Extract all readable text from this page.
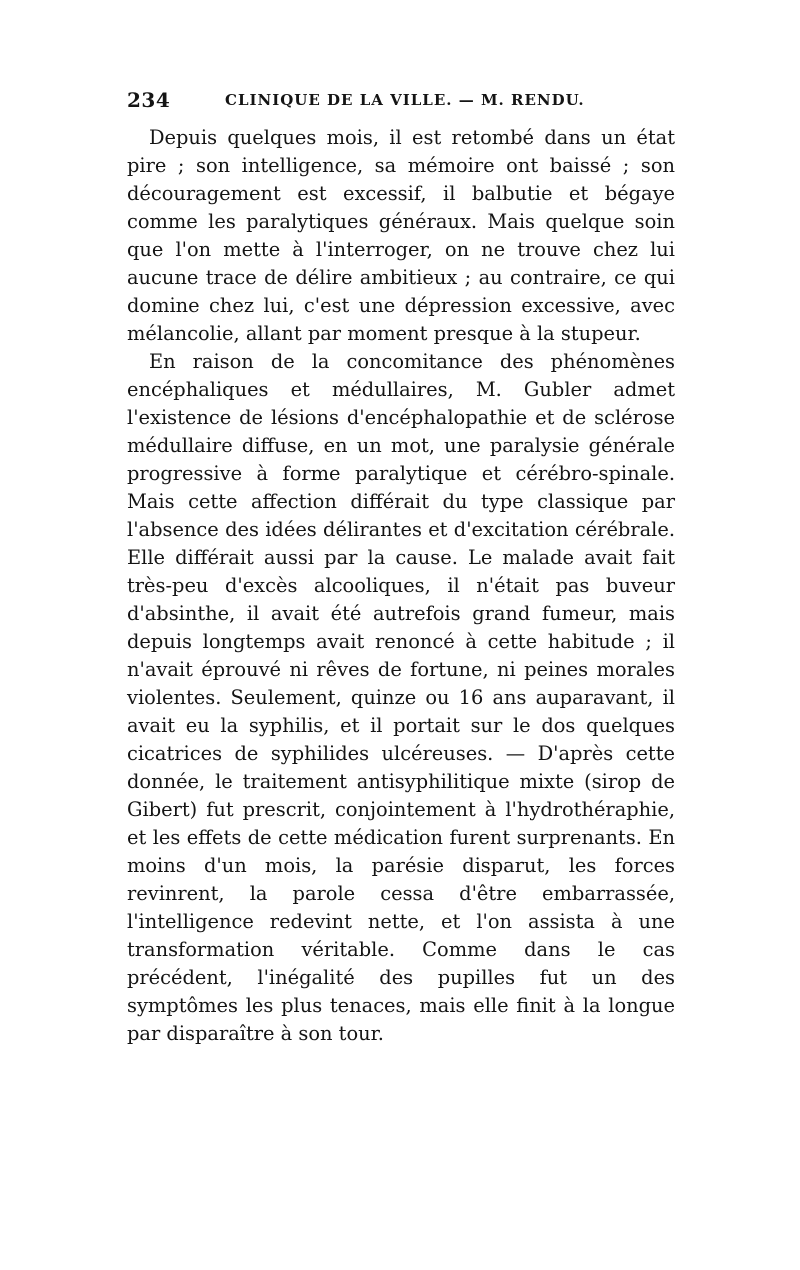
234	CLINIQUE DE LA VILLE. — M. RENDU.

Depuis quelques mois, il est retombé dans un état pire ; son intelligence, sa mémoire ont baissé ; son découragement est excessif, il balbutie et bégaye comme les paralytiques généraux. Mais quelque soin que l'on mette à l'interroger, on ne trouve chez lui aucune trace de délire ambitieux ; au contraire, ce qui domine chez lui, c'est une dépression excessive, avec mélancolie, allant par moment presque à la stupeur.

En raison de la concomitance des phénomènes encéphaliques et médullaires, M. Gubler admet l'existence de lésions d'encéphalopathie et de sclérose médullaire diffuse, en un mot, une paralysie générale progressive à forme paralytique et cérébro-spinale. Mais cette affection différait du type classique par l'absence des idées délirantes et d'excitation cérébrale. Elle différait aussi par la cause. Le malade avait fait très-peu d'excès alcooliques, il n'était pas buveur d'absinthe, il avait été autrefois grand fumeur, mais depuis longtemps avait renoncé à cette habitude ; il n'avait éprouvé ni rêves de fortune, ni peines morales violentes. Seulement, quinze ou 16 ans auparavant, il avait eu la syphilis, et il portait sur le dos quelques cicatrices de syphilides ulcéreuses. — D'après cette donnée, le traitement antisyphilitique mixte (sirop de Gibert) fut prescrit, conjointement à l'hydrothéraphie, et les effets de cette médication furent surprenants. En moins d'un mois, la parésie disparut, les forces revinrent, la parole cessa d'être embarrassée, l'intelligence redevint nette, et l'on assista à une transformation véritable. Comme dans le cas précédent, l'inégalité des pupilles fut un des symptômes les plus tenaces, mais elle finit à la longue par disparaître à son tour.
